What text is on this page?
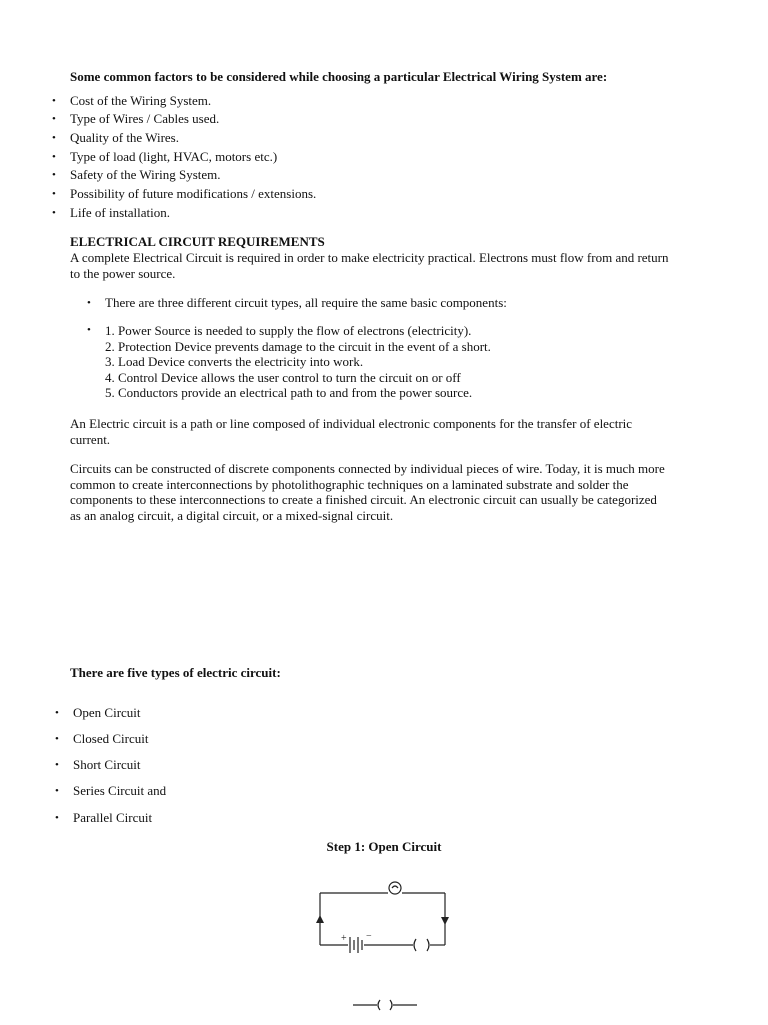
Some common factors to be considered while choosing a particular Electrical Wiring System are:
• Cost of the Wiring System.
• Type of Wires / Cables used.
• Quality of the Wires.
• Type of load (light, HVAC, motors etc.)
• Safety of the Wiring System.
• Possibility of future modifications / extensions.
• Life of installation.
ELECTRICAL CIRCUIT REQUIREMENTS
A complete Electrical Circuit is required in order to make electricity practical. Electrons must flow from and return
to the power source.
• There are three different circuit types, all require the same basic components:
• 1. Power Source is needed to supply the flow of electrons (electricity).
2. Protection Device prevents damage to the circuit in the event of a short.
3. Load Device converts the electricity into work.
4. Control Device allows the user control to turn the circuit on or off
5. Conductors provide an electrical path to and from the power source.
An Electric circuit is a path or line composed of individual electronic components for the transfer of electric
current.
Circuits can be constructed of discrete components connected by individual pieces of wire. Today, it is much more
common to create interconnections by photolithographic techniques on a laminated substrate and solder the
components to these interconnections to create a finished circuit. An electronic circuit can usually be categorized
as an analog circuit, a digital circuit, or a mixed-signal circuit.
There are five types of electric circuit:
• Open Circuit
• Closed Circuit
• Short Circuit
• Series Circuit and
• Parallel Circuit
Step 1: Open Circuit
+ −
